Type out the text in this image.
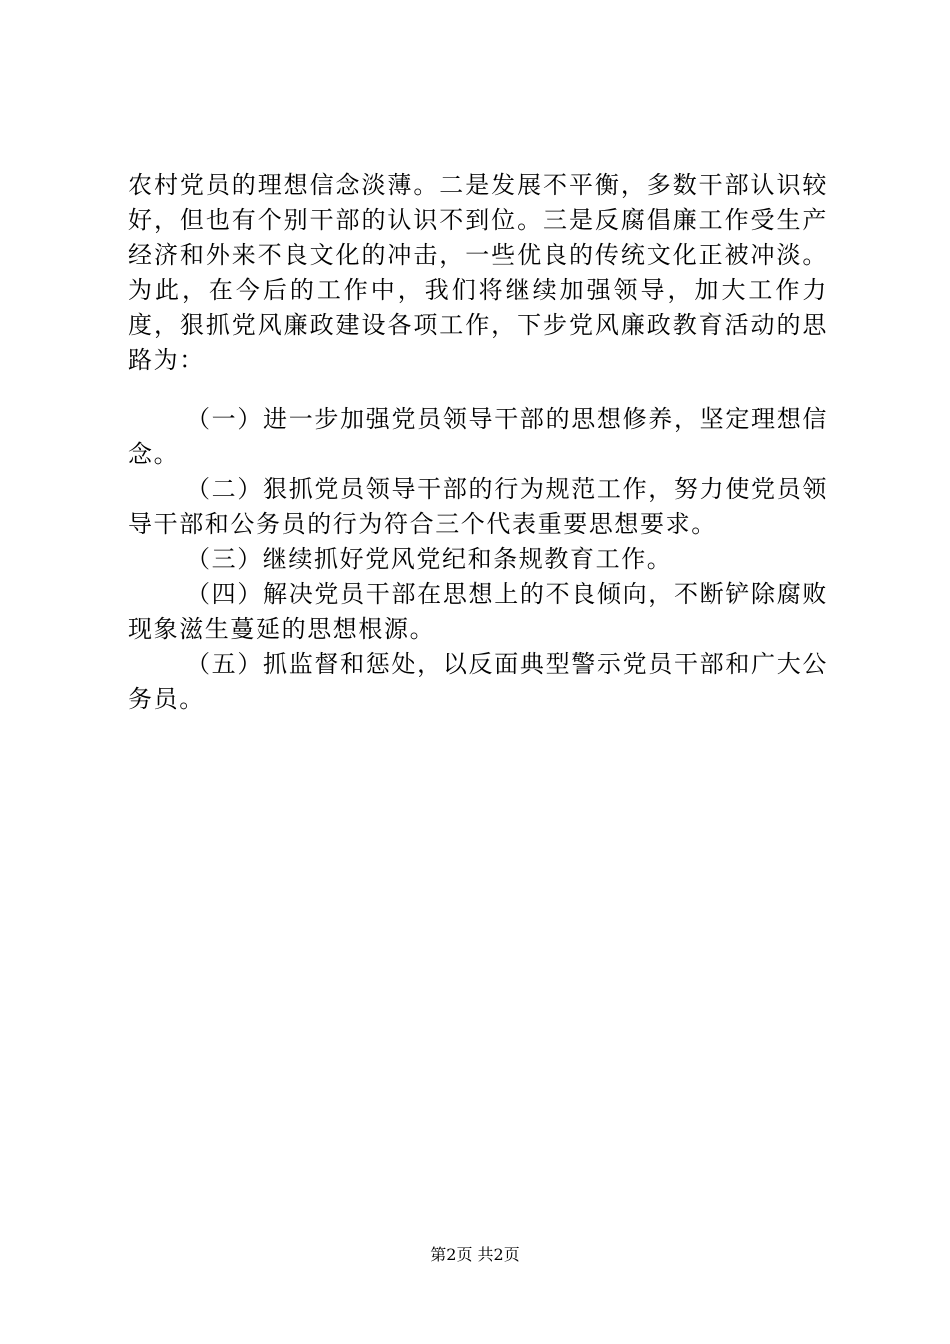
农村党员的理想信念淡薄。二是发展不平衡，多数干部认识较好，但也有个别干部的认识不到位。三是反腐倡廉工作受生产经济和外来不良文化的冲击，一些优良的传统文化正被冲淡。为此，在今后的工作中，我们将继续加强领导，加大工作力度，狠抓党风廉政建设各项工作，下步党风廉政教育活动的思路为：

（一）进一步加强党员领导干部的思想修养，坚定理想信念。

（二）狠抓党员领导干部的行为规范工作，努力使党员领导干部和公务员的行为符合三个代表重要思想要求。

（三）继续抓好党风党纪和条规教育工作。

（四）解决党员干部在思想上的不良倾向，不断铲除腐败现象滋生蔓延的思想根源。

（五）抓监督和惩处，以反面典型警示党员干部和广大公务员。

第2页 共2页
